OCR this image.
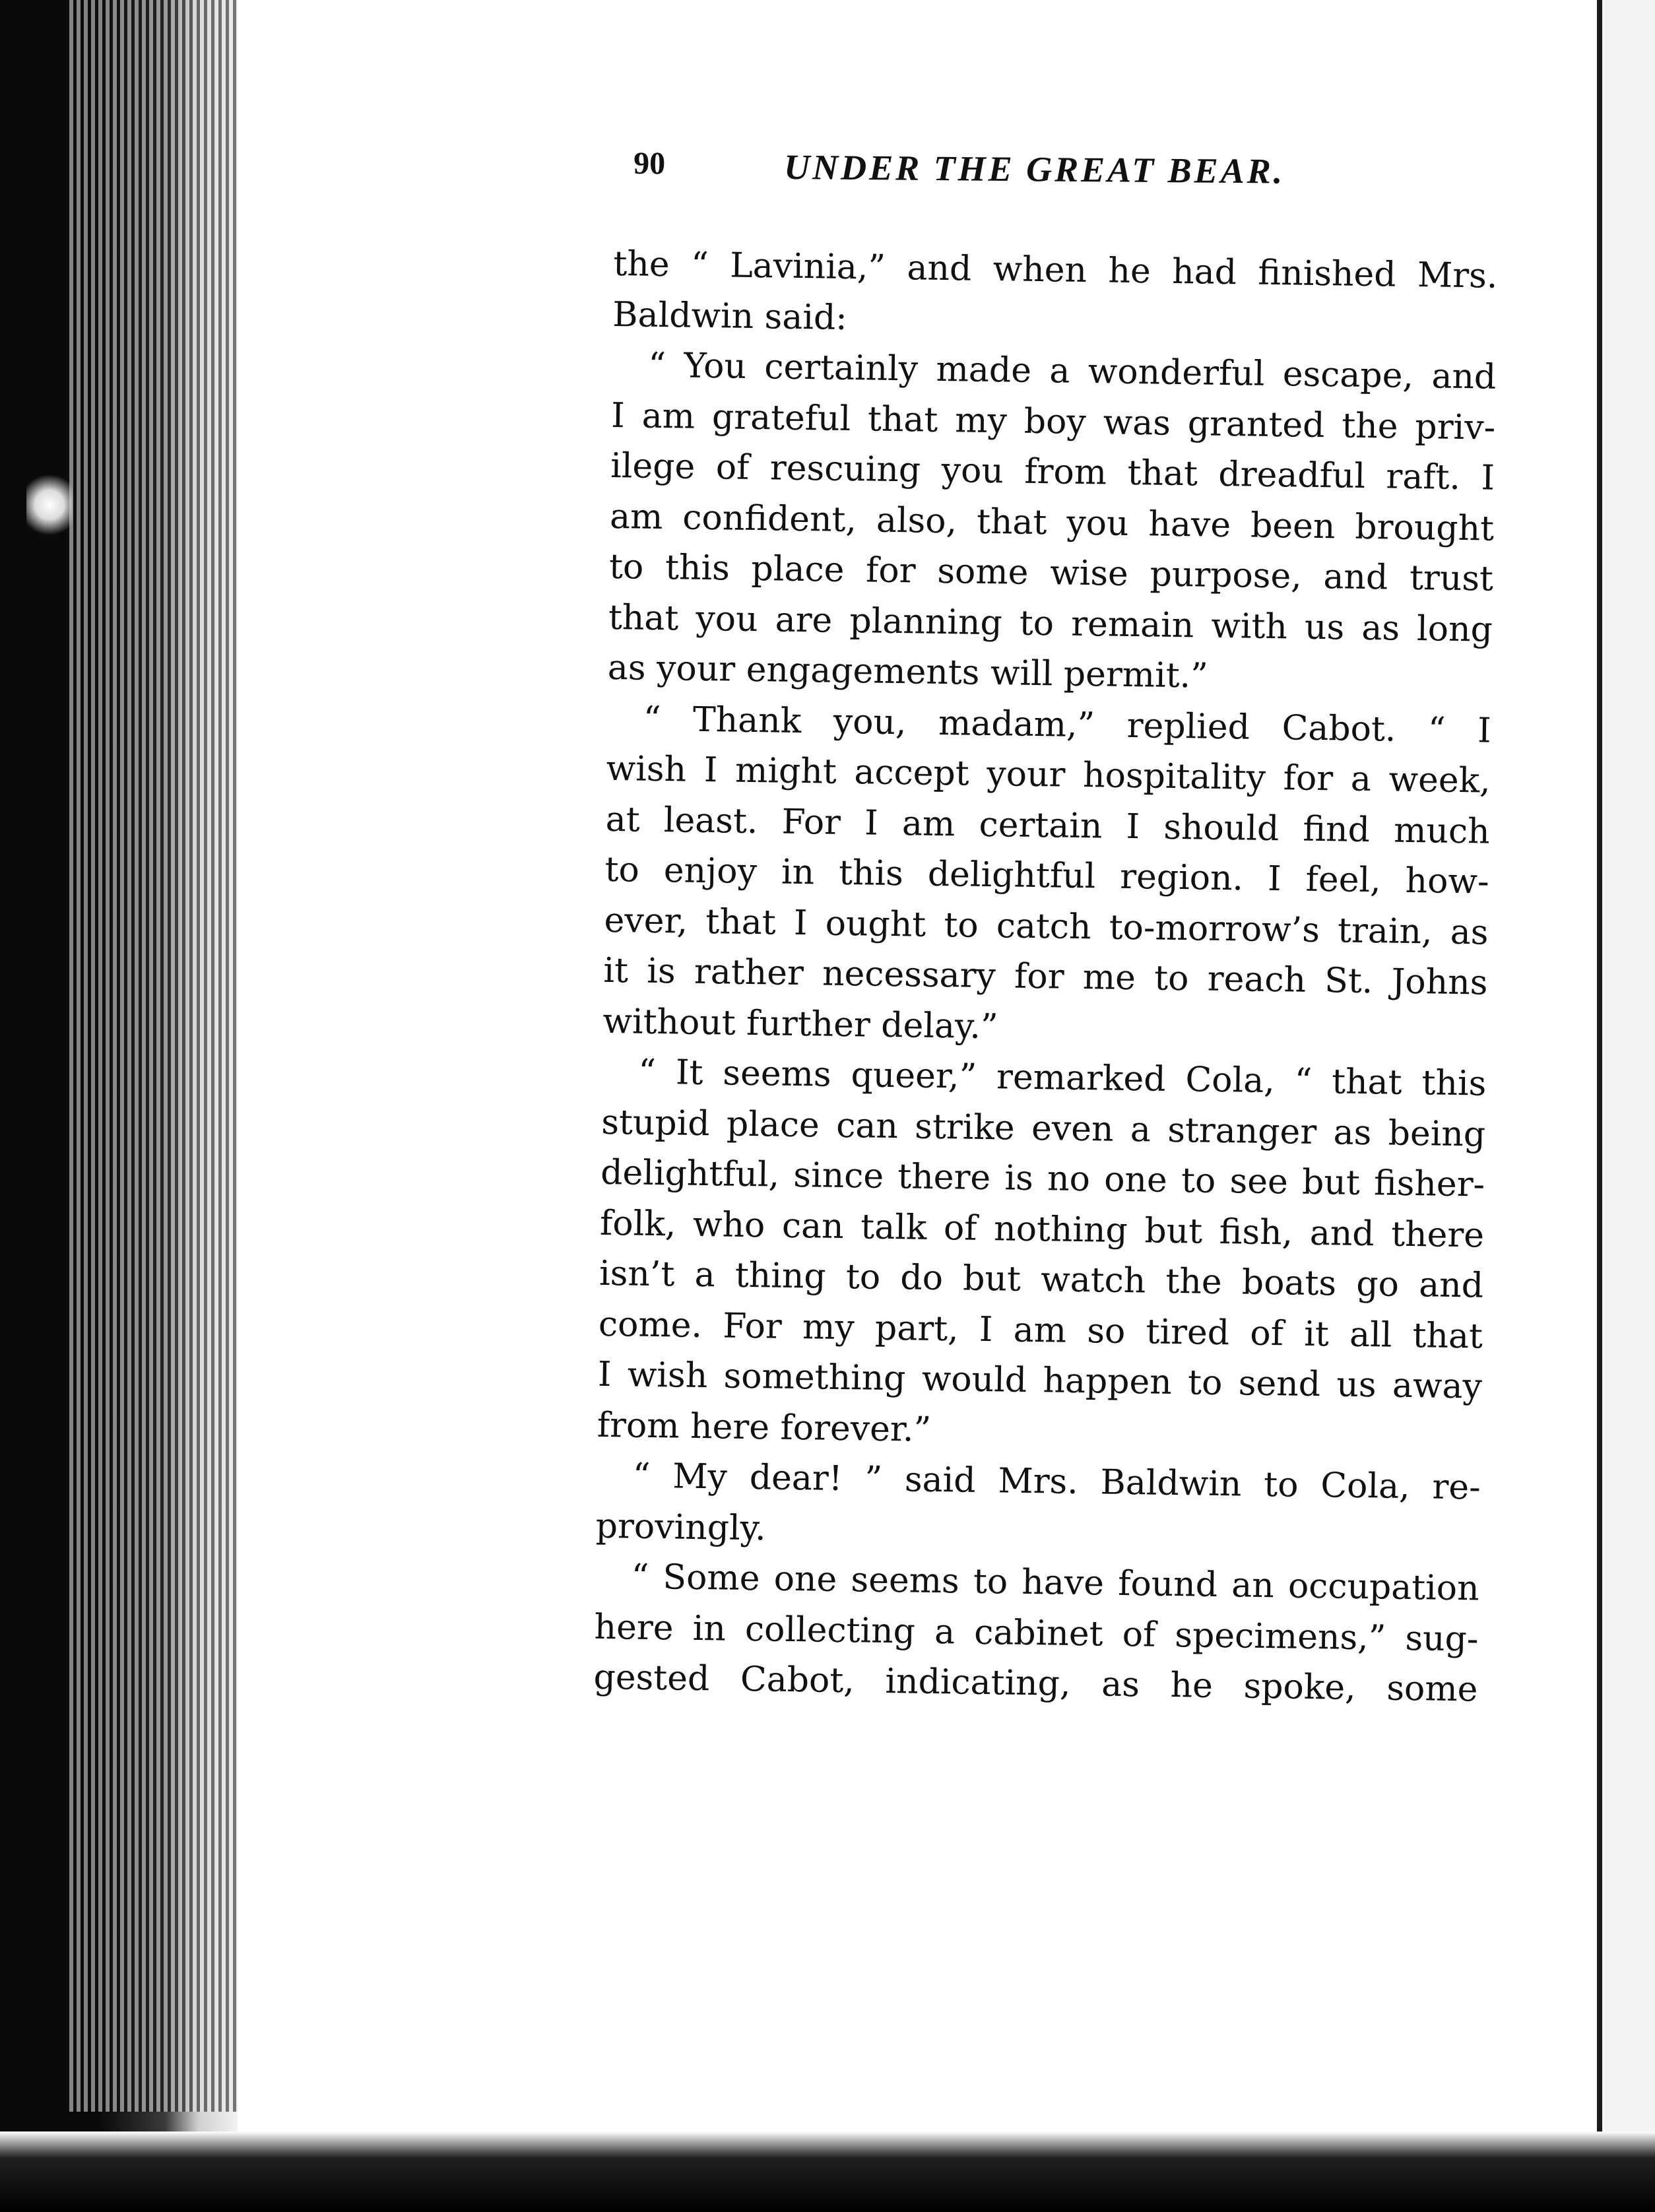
90	UNDER THE GREAT BEAR.
the “ Lavinia,” and when he had finished Mrs.
Baldwin said:
“ You certainly made a wonderful escape, and
I am grateful that my boy was granted the priv-
ilege of rescuing you from that dreadful raft. I
am confident, also, that you have been brought
to this place for some wise purpose, and trust
that you are planning to remain with us as long
as your engagements will permit.”
“ Thank you, madam,” replied Cabot. “ I
wish I might accept your hospitality for a week,
at least. For I am certain I should find much
to enjoy in this delightful region. I feel, how-
ever, that I ought to catch to-morrow’s train, as
it is rather necessary for me to reach St. Johns
without further delay.”
“ It seems queer,” remarked Cola, “ that this
stupid place can strike even a stranger as being
delightful, since there is no one to see but fisher-
folk, who can talk of nothing but fish, and there
isn’t a thing to do but watch the boats go and
come. For my part, I am so tired of it all that
I wish something would happen to send us away
from here forever.”
“ My dear! ” said Mrs. Baldwin to Cola, re-
provingly.
“ Some one seems to have found an occupation
here in collecting a cabinet of specimens,” sug-
gested Cabot, indicating, as he spoke, some
